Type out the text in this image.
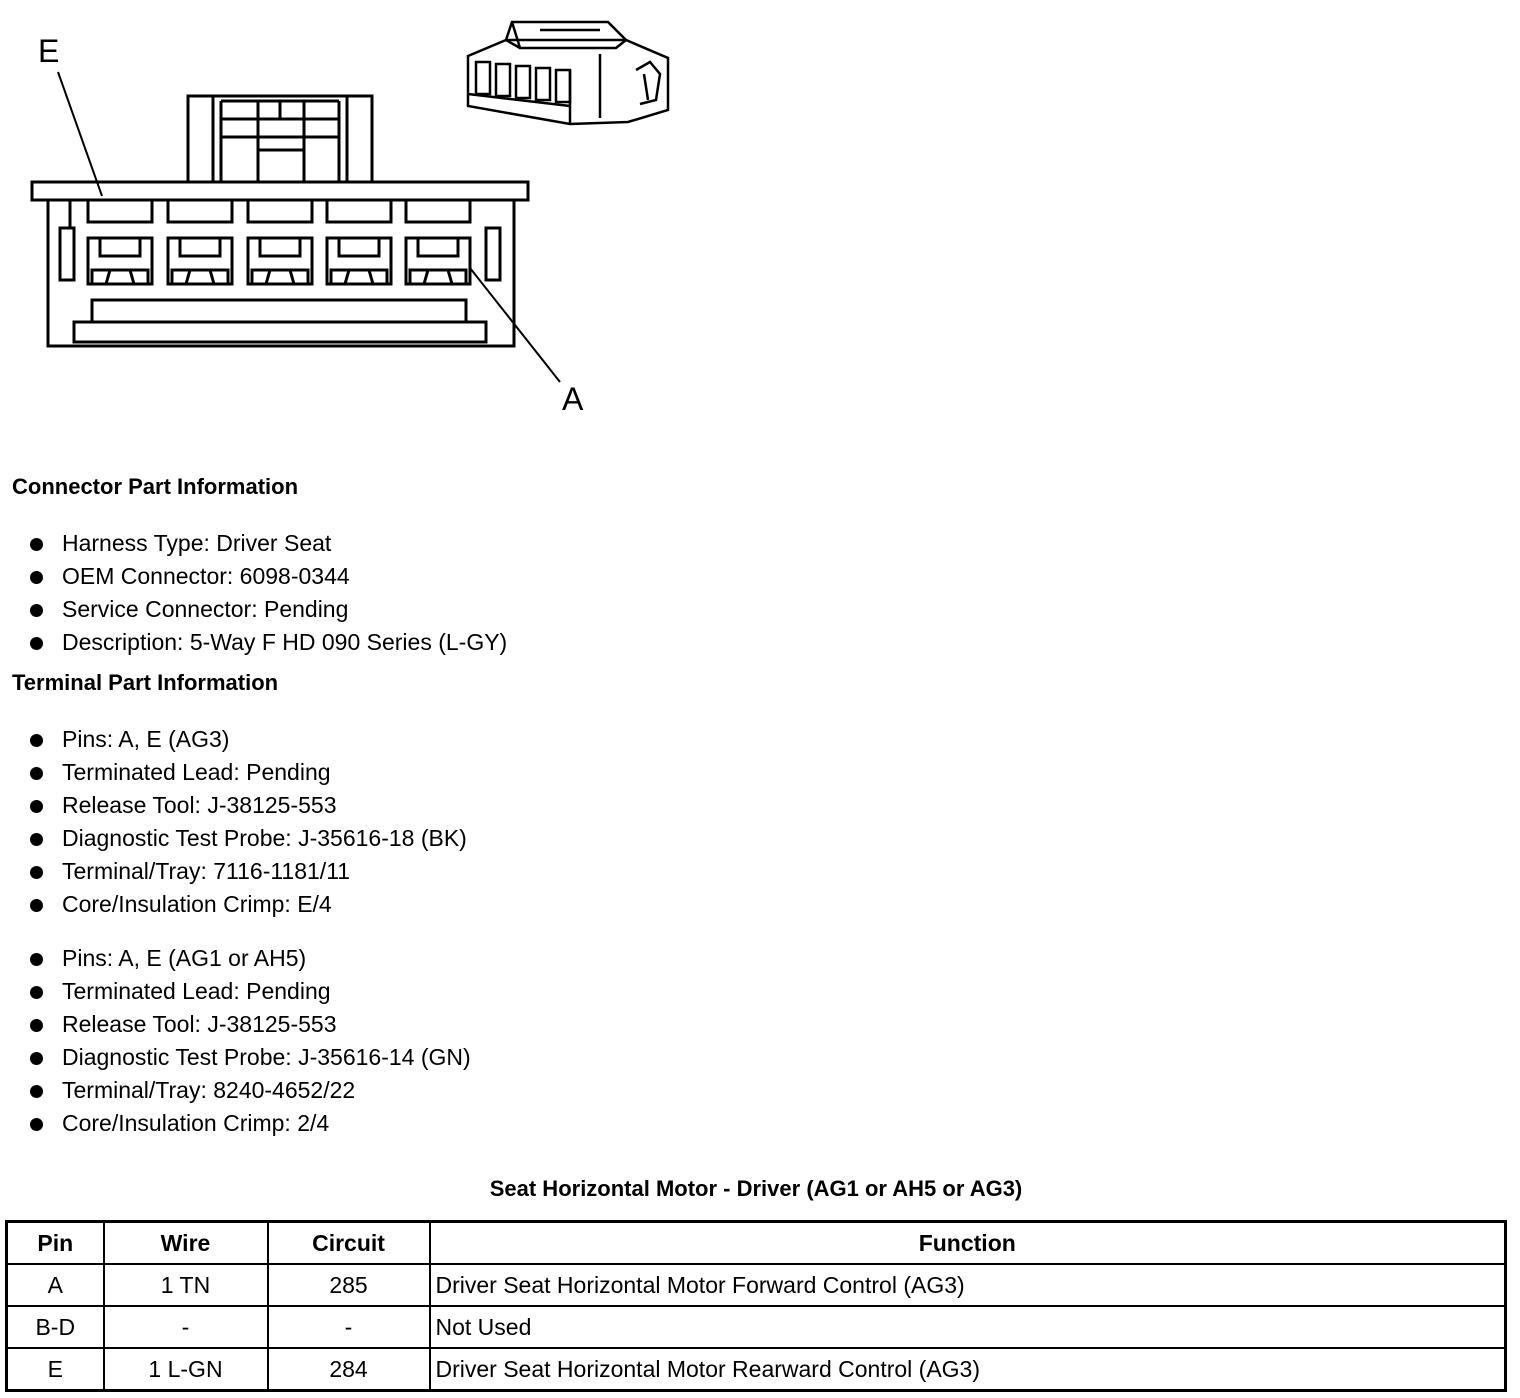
E
A
Connector Part Information
Harness Type: Driver Seat
OEM Connector: 6098-0344
Service Connector: Pending
Description: 5-Way F HD 090 Series (L-GY)
Terminal Part Information
Pins: A, E (AG3)
Terminated Lead: Pending
Release Tool: J-38125-553
Diagnostic Test Probe: J-35616-18 (BK)
Terminal/Tray: 7116-1181/11
Core/Insulation Crimp: E/4
Pins: A, E (AG1 or AH5)
Terminated Lead: Pending
Release Tool: J-38125-553
Diagnostic Test Probe: J-35616-14 (GN)
Terminal/Tray: 8240-4652/22
Core/Insulation Crimp: 2/4
Seat Horizontal Motor - Driver (AG1 or AH5 or AG3)
Pin	Wire	Circuit	Function
A	1 TN	285	Driver Seat Horizontal Motor Forward Control (AG3)
B-D	-	-	Not Used
E	1 L-GN	284	Driver Seat Horizontal Motor Rearward Control (AG3)
